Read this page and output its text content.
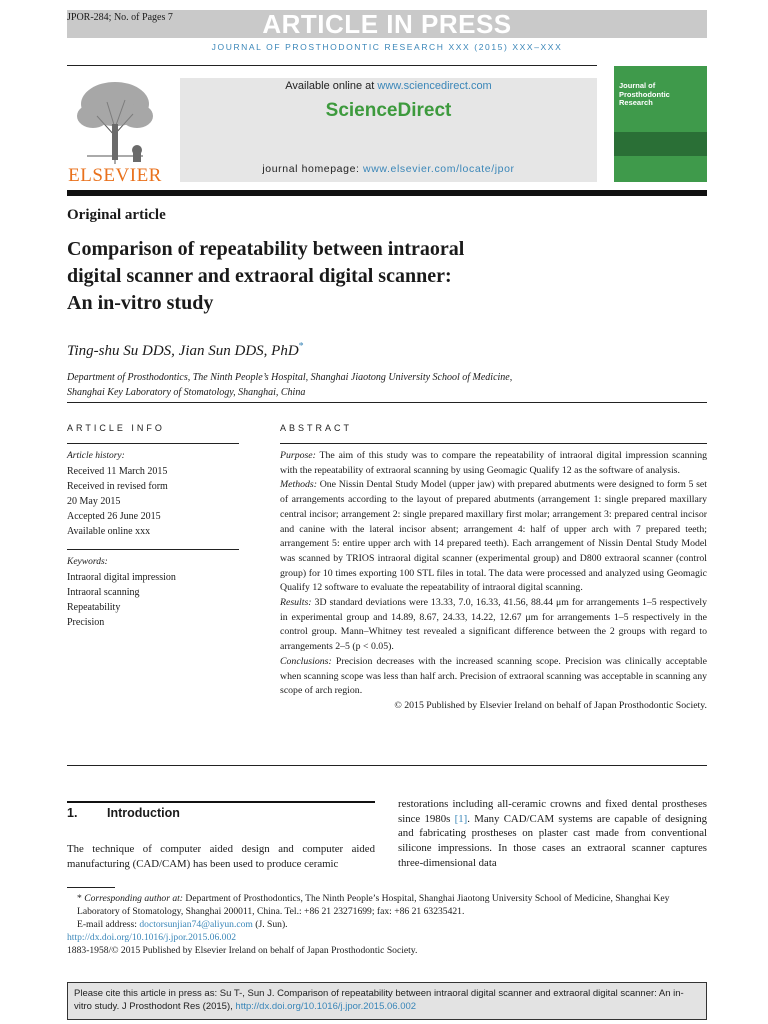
ARTICLE IN PRESS
JPOR-284; No. of Pages 7
JOURNAL OF PROSTHODONTIC RESEARCH XXX (2015) XXX–XXX
ELSEVIER
Available online at www.sciencedirect.com
ScienceDirect
journal homepage: www.elsevier.com/locate/jpor
Journal of Prosthodontic Research
Original article
Comparison of repeatability between intraoral
digital scanner and extraoral digital scanner:
An in-vitro study
Ting-shu Su DDS, Jian Sun DDS, PhD*
Department of Prosthodontics, The Ninth People’s Hospital, Shanghai Jiaotong University School of Medicine,
Shanghai Key Laboratory of Stomatology, Shanghai, China
ARTICLE INFO	ABSTRACT
Article history:
Received 11 March 2015
Received in revised form
20 May 2015
Accepted 26 June 2015
Available online xxx
Keywords:
Intraoral digital impression
Intraoral scanning
Repeatability
Precision

Purpose: The aim of this study was to compare the repeatability of intraoral digital impression scanning with the repeatability of extraoral scanning by using Geomagic Qualify 12 as the software of analysis.

Methods: One Nissin Dental Study Model (upper jaw) with prepared abutments were designed to form 5 set of arrangements according to the layout of prepared abutments (arrangement 1: single prepared maxillary central incisor; arrangement 2: single prepared maxillary first molar; arrangement 3: prepared central incisor and canine with the lateral incisor absent; arrangement 4: half of upper arch with 7 prepared teeth; arrangement 5: entire upper arch with 14 prepared teeth). Each arrangement of Nissin Dental Study Model was scanned by TRIOS intraoral digital scanner (experimental group) and D800 extraoral scanner (control group) for 10 times exporting 100 STL files in total. The data were processed and analyzed using Geomagic Qualify 12 software to evaluate the repeatability of intraoral digital scanning.

Results: 3D standard deviations were 13.33, 7.0, 16.33, 41.56, 88.44 μm for arrangements 1–5 respectively in experimental group and 14.89, 8.67, 24.33, 14.22, 12.67 μm for arrangements 1–5 respectively in the control group. Mann–Whitney test revealed a significant difference between the 2 groups with regard to arrangements 2–5 (p < 0.05).

Conclusions: Precision decreases with the increased scanning scope. Precision was clinically acceptable when scanning scope was less than half arch. Precision of extraoral scanning was acceptable in scanning any scope of arch region.

© 2015 Published by Elsevier Ireland on behalf of Japan Prosthodontic Society.

1. Introduction
The technique of computer aided design and computer aided manufacturing (CAD/CAM) has been used to produce ceramic
restorations including all-ceramic crowns and fixed dental prostheses since 1980s [1]. Many CAD/CAM systems are capable of designing and fabricating prostheses on plaster cast made from conventional silicone impressions. In those cases an extraoral scanner captures three-dimensional data
* Corresponding author at: Department of Prosthodontics, The Ninth People’s Hospital, Shanghai Jiaotong University School of Medicine, Shanghai Key Laboratory of Stomatology, Shanghai 200011, China. Tel.: +86 21 23271699; fax: +86 21 63235421.
E-mail address: doctorsunjian74@aliyun.com (J. Sun).
http://dx.doi.org/10.1016/j.jpor.2015.06.002
1883-1958/© 2015 Published by Elsevier Ireland on behalf of Japan Prosthodontic Society.
Please cite this article in press as: Su T-, Sun J. Comparison of repeatability between intraoral digital scanner and extraoral digital scanner: An in-vitro study. J Prosthodont Res (2015), http://dx.doi.org/10.1016/j.jpor.2015.06.002
